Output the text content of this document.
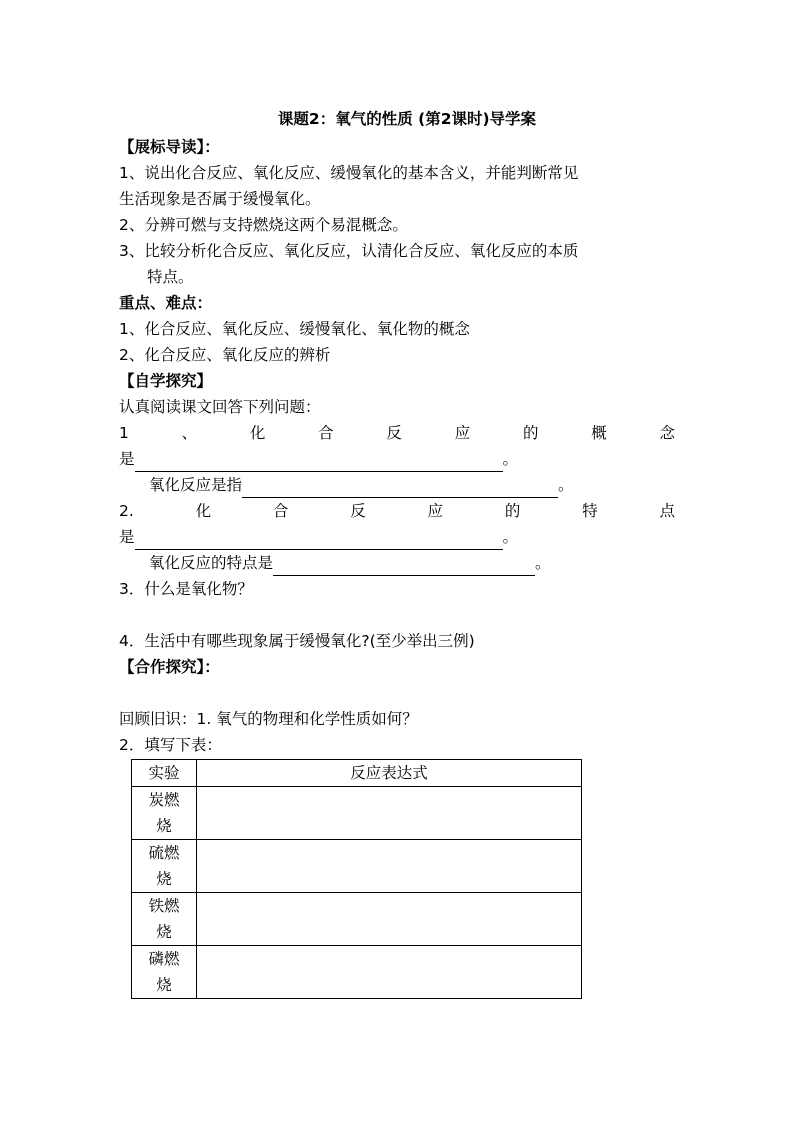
课题2：氧气的性质 (第2课时)导学案
【展标导读】：
1、说出化合反应、氧化反应、缓慢氧化的基本含义，并能判断常见
生活现象是否属于缓慢氧化。
2、分辨可燃与支持燃烧这两个易混概念。
3、比较分析化合反应、氧化反应，认清化合反应、氧化反应的本质
特点。
重点、难点：
1、化合反应、氧化反应、缓慢氧化、氧化物的概念
2、化合反应、氧化反应的辨析
【自学探究】
认真阅读课文回答下列问题：
1	、	化	合	反	应	的	概	念
是	。
氧化反应是指	。
2.	化	合	反	应	的	特	点
是	。
氧化反应的特点是	。
3．什么是氧化物？
4．生活中有哪些现象属于缓慢氧化?(至少举出三例)
【合作探究】：
回顾旧识：1. 氧气的物理和化学性质如何？
2．填写下表：
实验	反应表达式

炭燃
烧	

硫燃
烧	

铁燃
烧	

磷燃
烧	
